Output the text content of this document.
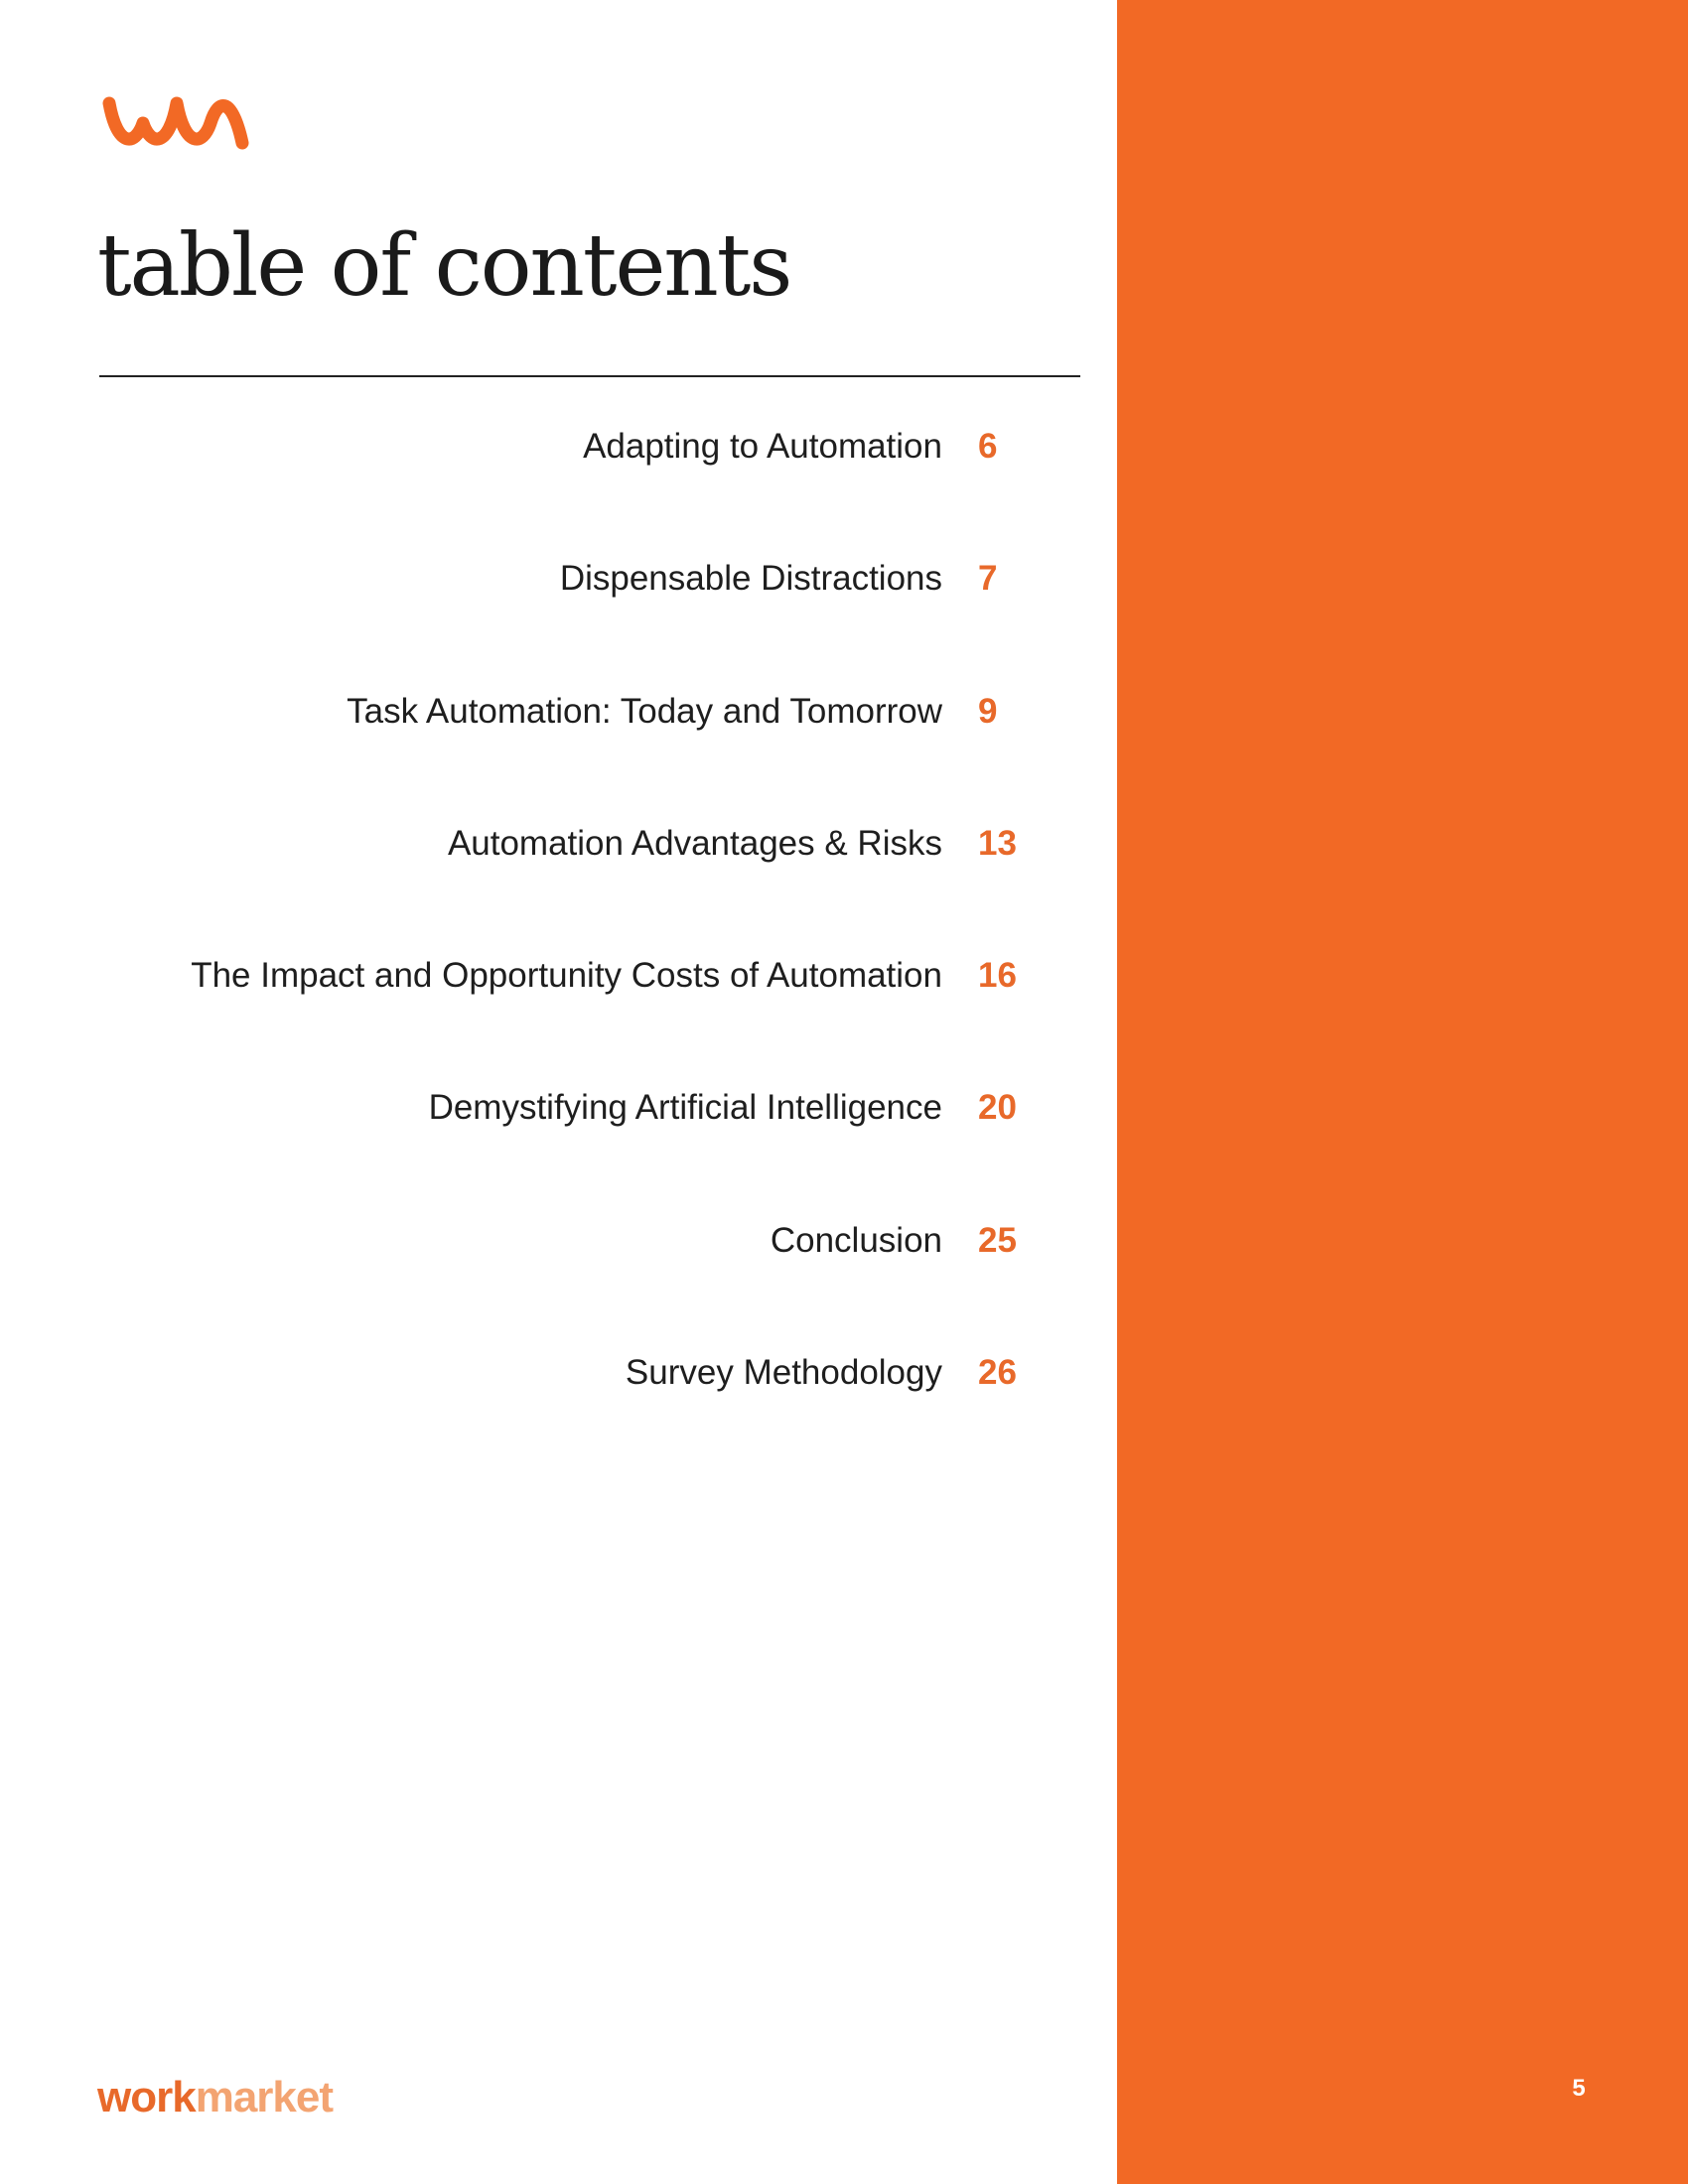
table of contents
Adapting to Automation 6
Dispensable Distractions 7
Task Automation: Today and Tomorrow 9
Automation Advantages & Risks 13
The Impact and Opportunity Costs of Automation 16
Demystifying Artificial Intelligence 20
Conclusion 25
Survey Methodology 26
workmarket	5
